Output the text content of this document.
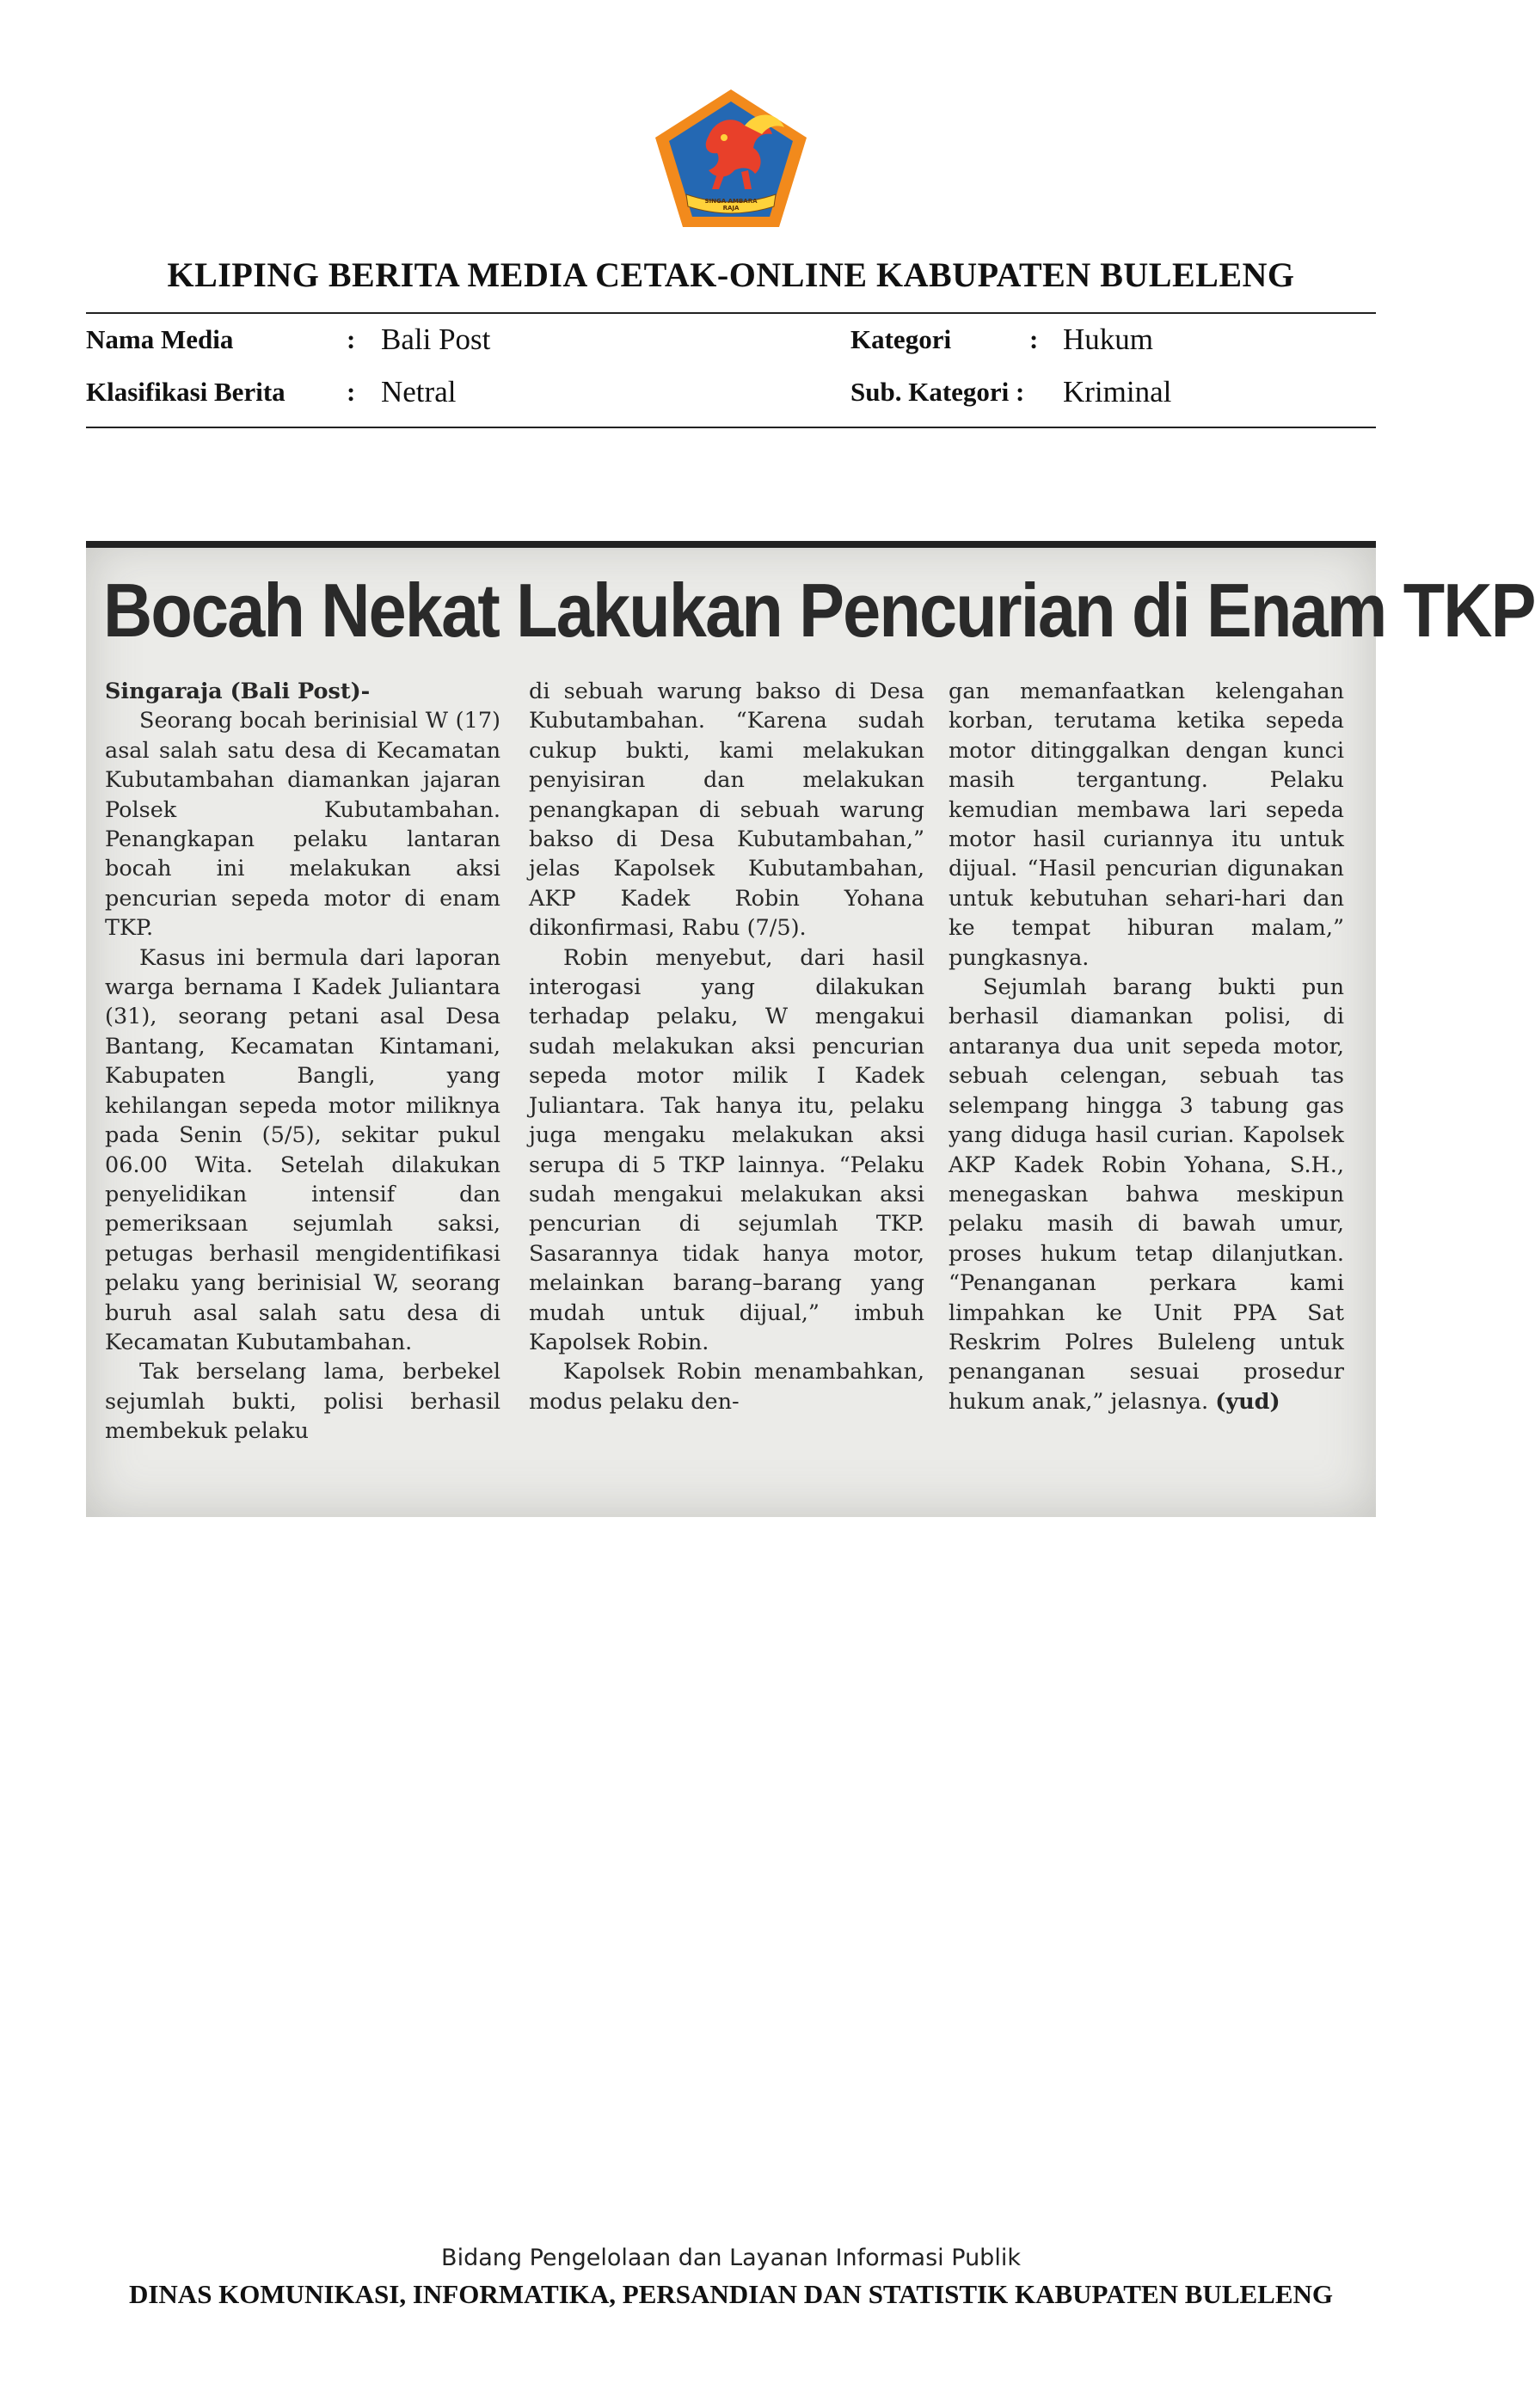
SINGA AMBARA RAJA
KLIPING BERITA MEDIA CETAK-ONLINE KABUPATEN BULELENG
Nama Media	: Bali Post	Kategori	: Hukum
Klasifikasi Berita : Netral	Sub. Kategori : Kriminal
Bocah Nekat Lakukan Pencurian di Enam TKP

Singaraja (Bali Post)-

Seorang bocah berinisial W (17) asal salah satu desa di Kecamatan Kubutambahan diamankan jajaran Polsek Kubutambahan. Penangkapan pelaku lantaran bocah ini melakukan aksi pencurian sepeda motor di enam TKP.

Kasus ini bermula dari laporan warga bernama I Kadek Juliantara (31), seorang petani asal Desa Bantang, Kecamatan Kintamani, Kabupaten Bangli, yang kehilangan sepeda motor miliknya pada Senin (5/5), sekitar pukul 06.00 Wita. Setelah dilakukan penyelidikan intensif dan pemeriksaan sejumlah saksi, petugas berhasil mengidentifikasi pelaku yang berinisial W, seorang buruh asal salah satu desa di Kecamatan Kubutambahan.

Tak berselang lama, berbekel sejumlah bukti, polisi berhasil membekuk pelaku

di sebuah warung bakso di Desa Kubutambahan. “Karena sudah cukup bukti, kami melakukan penyisiran dan melakukan penangkapan di sebuah warung bakso di Desa Kubutambahan,” jelas Kapolsek Kubutambahan, AKP Kadek Robin Yohana dikonfirmasi, Rabu (7/5).

Robin menyebut, dari hasil interogasi yang dilakukan terhadap pelaku, W mengakui sudah melakukan aksi pencurian sepeda motor milik I Kadek Juliantara. Tak hanya itu, pelaku juga mengaku melakukan aksi serupa di 5 TKP lainnya. “Pelaku sudah mengakui melakukan aksi pencurian di sejumlah TKP. Sasarannya tidak hanya motor, melainkan barang–barang yang mudah untuk dijual,” imbuh Kapolsek Robin.

Kapolsek Robin menambahkan, modus pelaku den-

gan memanfaatkan kelengahan korban, terutama ketika sepeda motor ditinggalkan dengan kunci masih tergantung. Pelaku kemudian membawa lari sepeda motor hasil curiannya itu untuk dijual. “Hasil pencurian digunakan untuk kebutuhan sehari-hari dan ke tempat hiburan malam,” pungkasnya.

Sejumlah barang bukti pun berhasil diamankan polisi, di antaranya dua unit sepeda motor, sebuah celengan, sebuah tas selempang hingga 3 tabung gas yang diduga hasil curian. Kapolsek AKP Kadek Robin Yohana, S.H., menegaskan bahwa meskipun pelaku masih di bawah umur, proses hukum tetap dilanjutkan. “Penanganan perkara kami limpahkan ke Unit PPA Sat Reskrim Polres Buleleng untuk penanganan sesuai prosedur hukum anak,” jelasnya. (yud)

Bidang Pengelolaan dan Layanan Informasi Publik
DINAS KOMUNIKASI, INFORMATIKA, PERSANDIAN DAN STATISTIK KABUPATEN BULELENG
